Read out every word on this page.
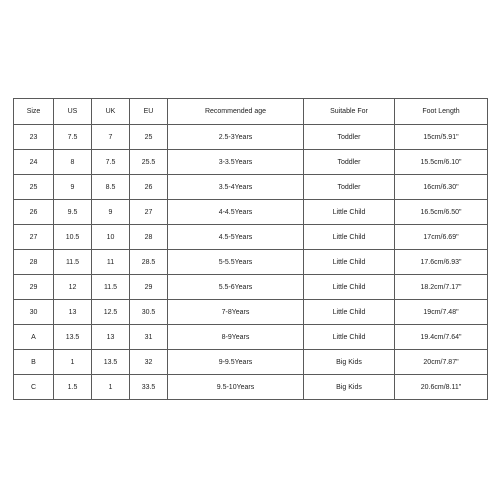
Size	US	UK	EU	Recommended age	Suitable For	Foot Length
23	7.5	7	25	2.5-3Years	Toddler	15cm/5.91"
24	8	7.5	25.5	3-3.5Years	Toddler	15.5cm/6.10"
25	9	8.5	26	3.5-4Years	Toddler	16cm/6.30"
26	9.5	9	27	4-4.5Years	Little Child	16.5cm/6.50"
27	10.5	10	28	4.5-5Years	Little Child	17cm/6.69"
28	11.5	11	28.5	5-5.5Years	Little Child	17.6cm/6.93"
29	12	11.5	29	5.5-6Years	Little Child	18.2cm/7.17"
30	13	12.5	30.5	7-8Years	Little Child	19cm/7.48"
A	13.5	13	31	8-9Years	Little Child	19.4cm/7.64"
B	1	13.5	32	9-9.5Years	Big Kids	20cm/7.87"
C	1.5	1	33.5	9.5-10Years	Big Kids	20.6cm/8.11"
